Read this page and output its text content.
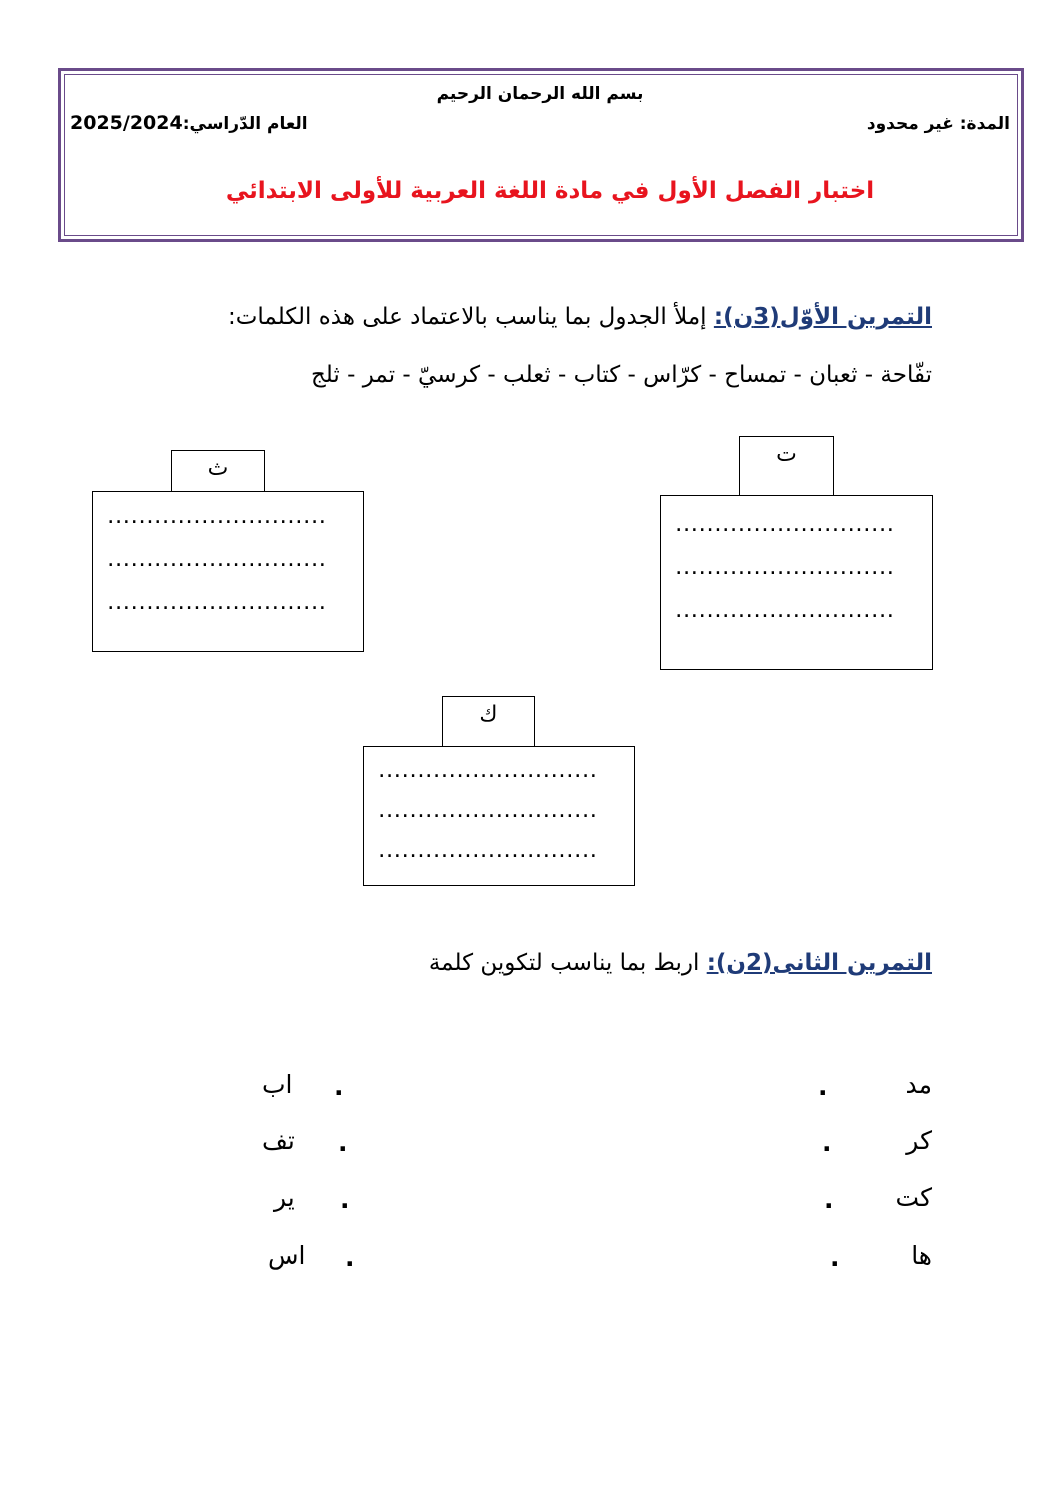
بسم الله الرحمان الرحيم
المدة: غير محدود
العام الدّراسي:2025/2024
اختبار الفصل الأول في مادة اللغة العربية للأولى الابتدائي
التمرين الأوّل(3ن): إملأ الجدول بما يناسب بالاعتماد على هذه الكلمات:
تفّاحة - ثعبان - تمساح - كرّاس - كتاب - ثعلب - كرسيّ - تمر - ثلج
ت
............................
............................
............................
ث
............................
............................
............................
ك
............................
............................
............................
التمرين الثانى(2ن): اربط بما يناسب لتكوين كلمة
مد
.
.
اب
كر
.
.
تف
كت
.
.
ير
ها
.
.
اس
